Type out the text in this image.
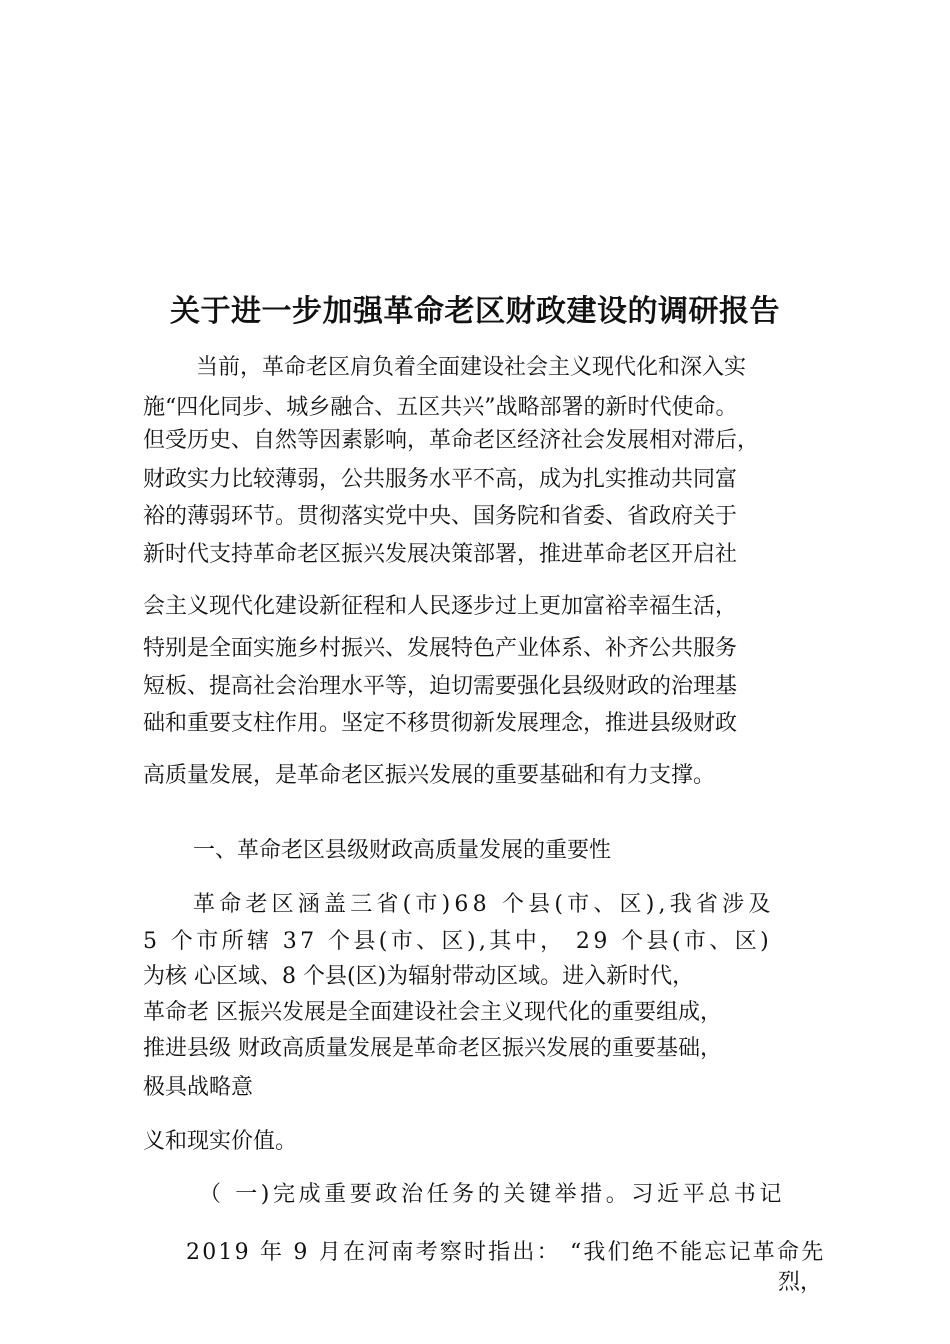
关于进一步加强革命老区财政建设的调研报告
当前，革命老区肩负着全面建设社会主义现代化和深入实
施“四化同步、城乡融合、五区共兴”战略部署的新时代使命。
但受历史、自然等因素影响，革命老区经济社会发展相对滞后，
财政实力比较薄弱，公共服务水平不高，成为扎实推动共同富
裕的薄弱环节。贯彻落实党中央、国务院和省委、省政府关于
新时代支持革命老区振兴发展决策部署，推进革命老区开启社
会主义现代化建设新征程和人民逐步过上更加富裕幸福生活，
特别是全面实施乡村振兴、发展特色产业体系、补齐公共服务
短板、提高社会治理水平等，迫切需要强化县级财政的治理基
础和重要支柱作用。坚定不移贯彻新发展理念，推进县级财政
高质量发展，是革命老区振兴发展的重要基础和有力支撑。
一、革命老区县级财政高质量发展的重要性
革命老区涵盖三省(市)68 个县(市、区),我省涉及
5 个市所辖 37 个县(市、区),其中， 29 个县(市、区)
为核 心区域、8 个县(区)为辐射带动区域。进入新时代，
革命老 区振兴发展是全面建设社会主义现代化的重要组成，
推进县级 财政高质量发展是革命老区振兴发展的重要基础，
极具战略意
义和现实价值。
（ 一)完成重要政治任务的关键举措。习近平总书记
2019 年 9 月在河南考察时指出： “我们绝不能忘记革命先
烈，
